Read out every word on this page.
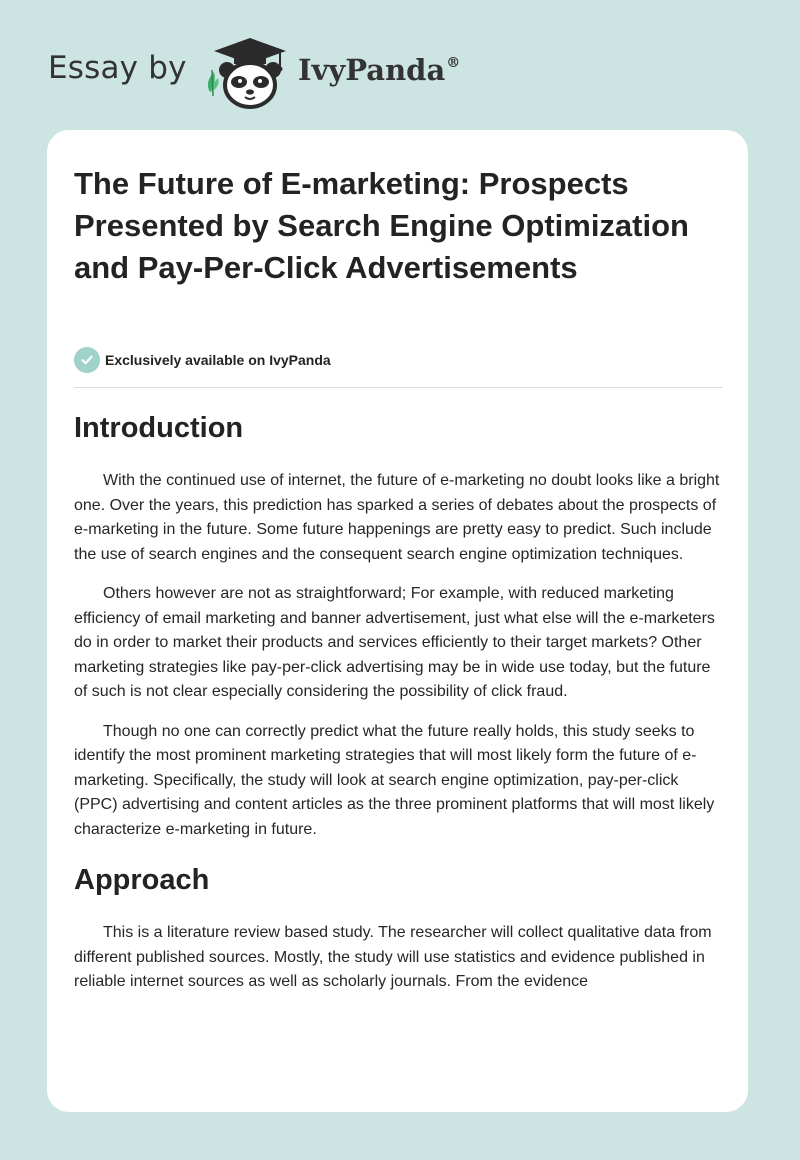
Essay by	IvyPanda®
The Future of E-marketing: Prospects Presented by Search Engine Optimization and Pay-Per-Click Advertisements
Exclusively available on IvyPanda
Introduction

With the continued use of internet, the future of e-marketing no doubt looks like a bright one. Over the years, this prediction has sparked a series of debates about the prospects of e-marketing in the future. Some future happenings are pretty easy to predict. Such include the use of search engines and the consequent search engine optimization techniques.

Others however are not as straightforward; For example, with reduced marketing efficiency of email marketing and banner advertisement, just what else will the e-marketers do in order to market their products and services efficiently to their target markets? Other marketing strategies like pay-per-click advertising may be in wide use today, but the future of such is not clear especially considering the possibility of click fraud.

Though no one can correctly predict what the future really holds, this study seeks to identify the most prominent marketing strategies that will most likely form the future of e-marketing. Specifically, the study will look at search engine optimization, pay-per-click (PPC) advertising and content articles as the three prominent platforms that will most likely characterize e-marketing in future.

Approach

This is a literature review based study. The researcher will collect qualitative data from different published sources. Mostly, the study will use statistics and evidence published in reliable internet sources as well as scholarly journals. From the evidence
